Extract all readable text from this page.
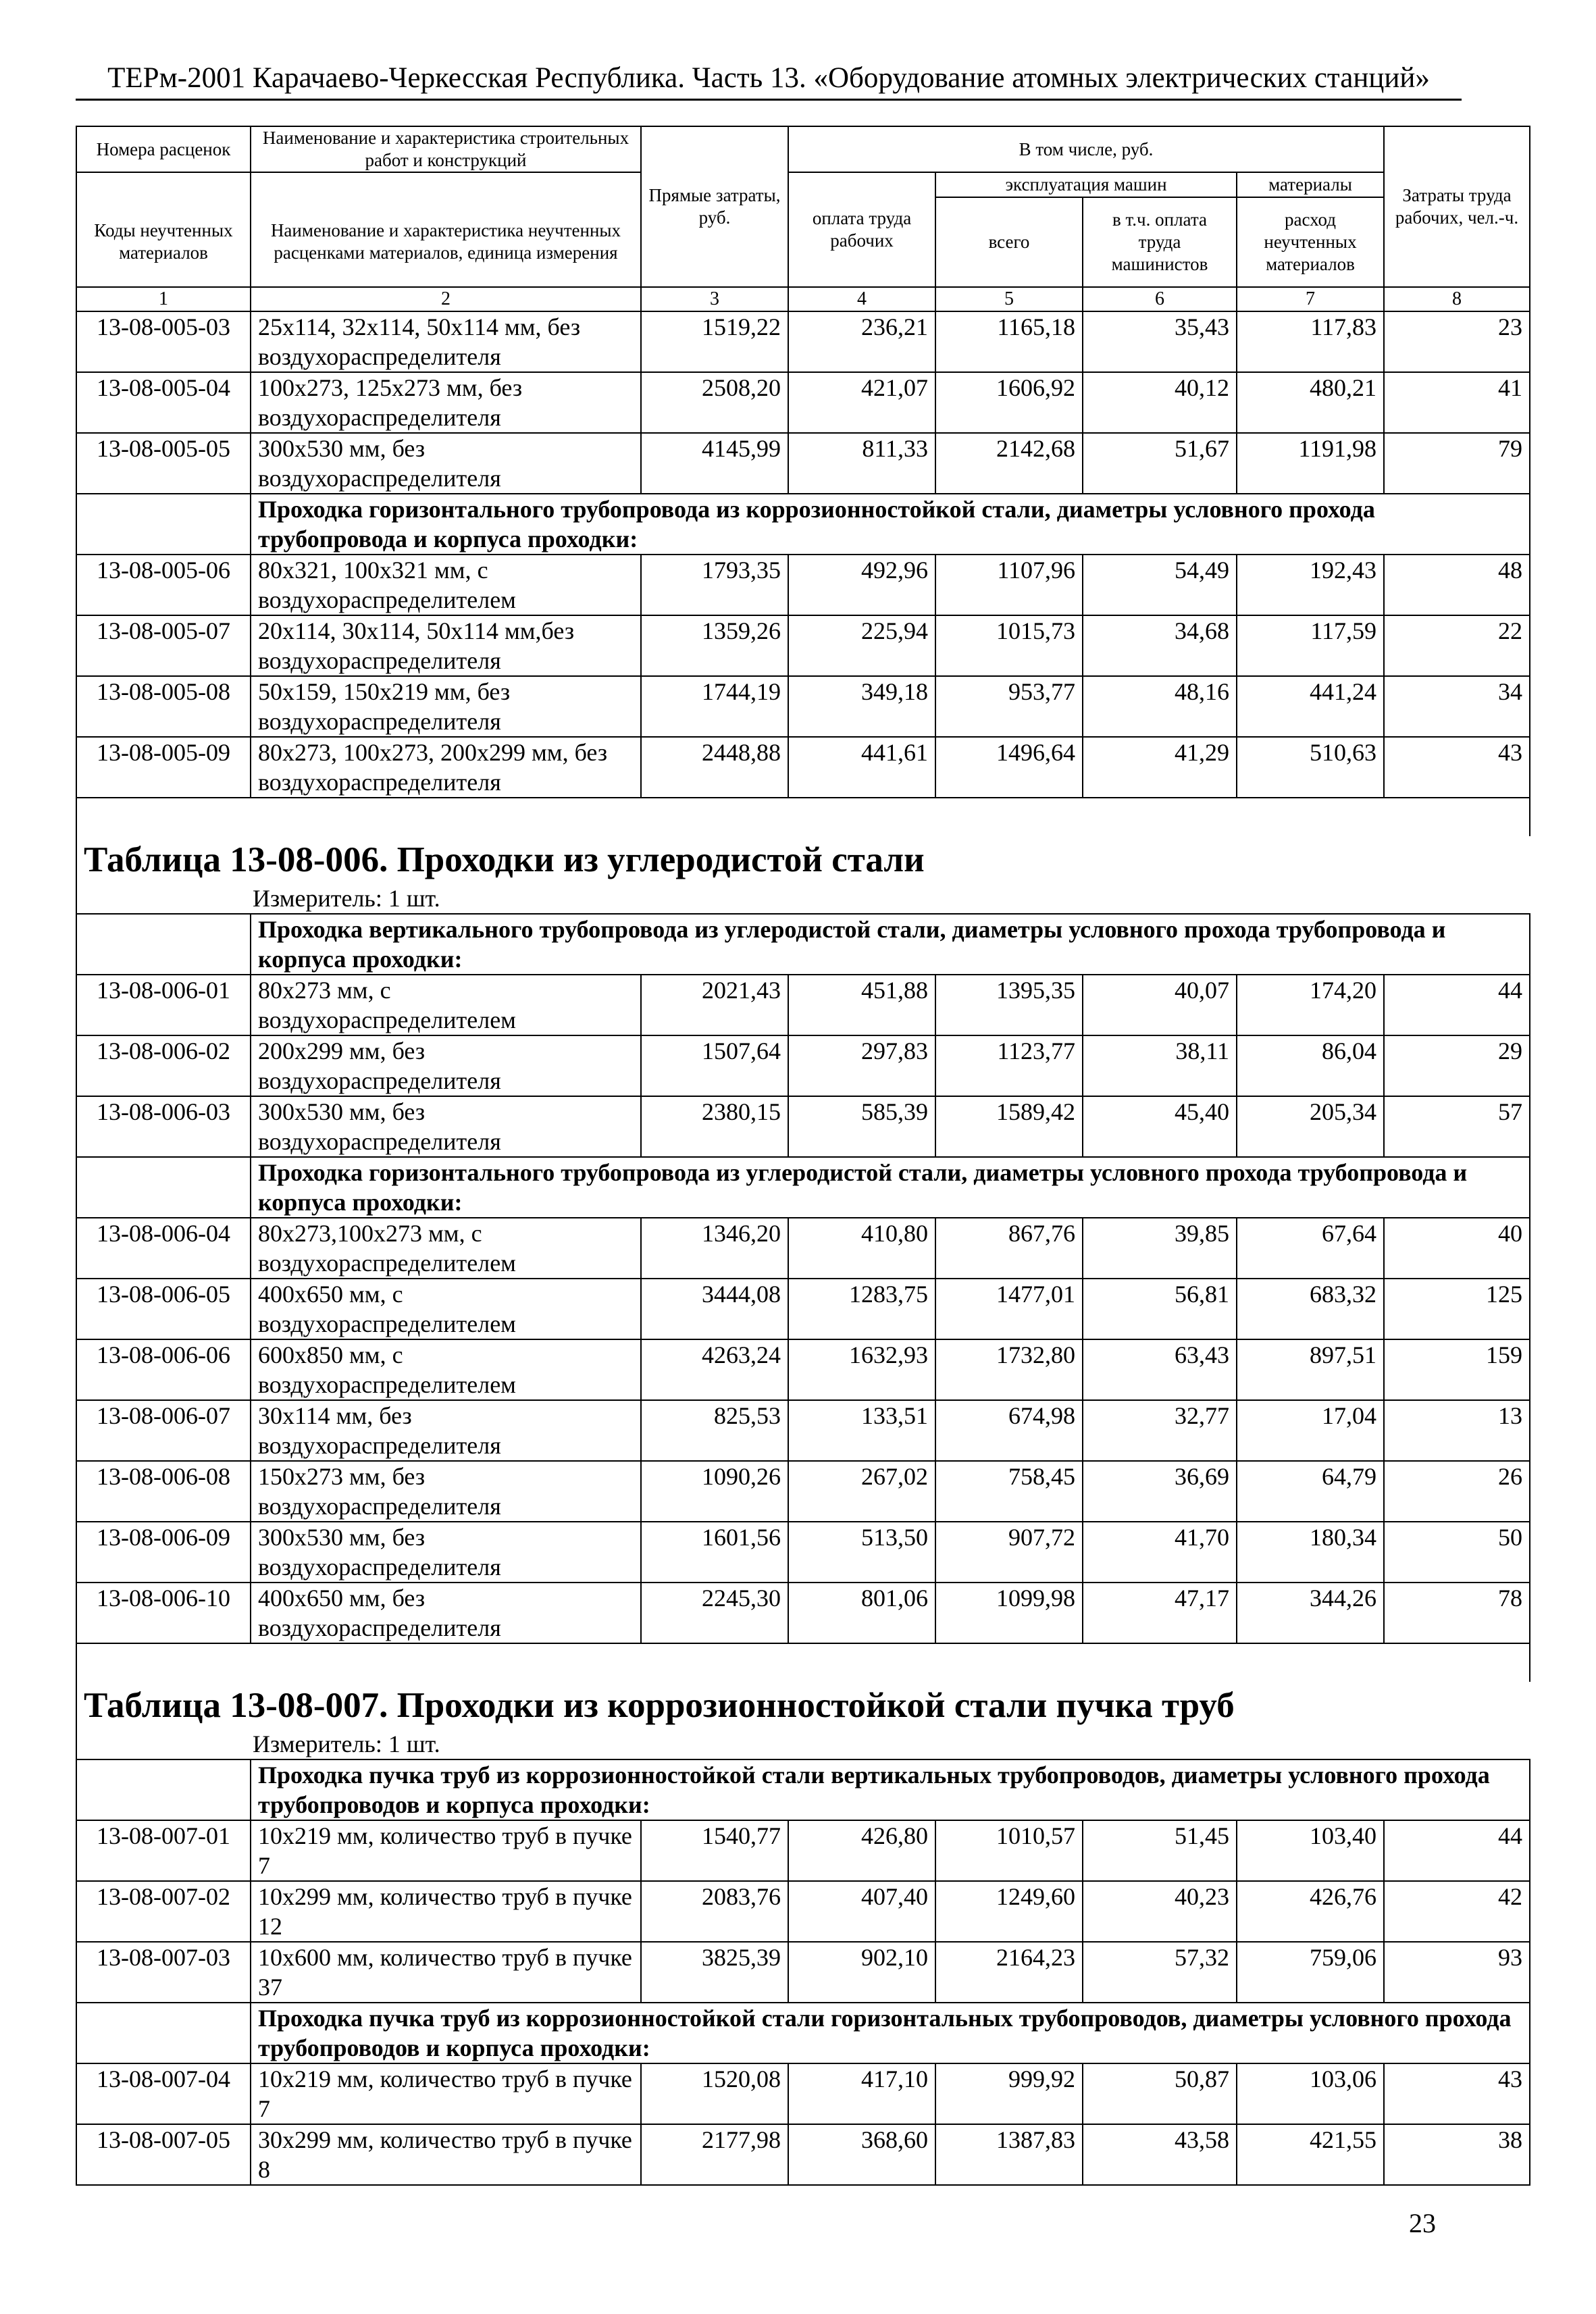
ТЕРм-2001 Карачаево-Черкесская Республика. Часть 13. «Оборудование атомных электрических станций»
Номера расценок	Наименование и характеристика строительных работ и конструкций	Прямые затраты, руб.	В том числе, руб.				Затраты труда рабочих, чел.-ч.
			оплата труда рабочих	эксплуатация машин		материалы	
Коды неучтенных материалов	Наименование и характеристика неучтенных расценками материалов, единица измерения			всего	в т.ч. оплата труда машинистов	расход неучтенных материалов	
1	2	3	4	5	6	7	8
13-08-005-03	25x114, 32x114, 50x114 мм, без воздухораспределителя	1519,22	236,21	1165,18	35,43	117,83	23
13-08-005-04	100x273, 125x273 мм, без воздухораспределителя	2508,20	421,07	1606,92	40,12	480,21	41
13-08-005-05	300x530 мм, без воздухораспределителя	4145,99	811,33	2142,68	51,67	1191,98	79
	Проходка горизонтального трубопровода из коррозионностойкой стали, диаметры условного прохода трубопровода и корпуса проходки:						
13-08-005-06	80x321, 100x321 мм, с воздухораспределителем	1793,35	492,96	1107,96	54,49	192,43	48
13-08-005-07	20x114, 30x114, 50x114 мм,без воздухораспределителя	1359,26	225,94	1015,73	34,68	117,59	22
13-08-005-08	50x159, 150x219 мм, без воздухораспределителя	1744,19	349,18	953,77	48,16	441,24	34
13-08-005-09	80x273, 100x273, 200x299 мм, без воздухораспределителя	2448,88	441,61	1496,64	41,29	510,63	43

Таблица 13-08-006. Проходки из углеродистой стали							
Измеритель: 1 шт.							
	Проходка вертикального трубопровода из углеродистой стали, диаметры условного прохода трубопровода и корпуса проходки:						
13-08-006-01	80x273 мм, с воздухораспределителем	2021,43	451,88	1395,35	40,07	174,20	44
13-08-006-02	200x299 мм, без воздухораспределителя	1507,64	297,83	1123,77	38,11	86,04	29
13-08-006-03	300x530 мм, без воздухораспределителя	2380,15	585,39	1589,42	45,40	205,34	57
	Проходка горизонтального трубопровода из углеродистой стали, диаметры условного прохода трубопровода и корпуса проходки:						
13-08-006-04	80x273,100x273 мм, с воздухораспределителем	1346,20	410,80	867,76	39,85	67,64	40
13-08-006-05	400x650 мм, с воздухораспределителем	3444,08	1283,75	1477,01	56,81	683,32	125
13-08-006-06	600x850 мм, с воздухораспределителем	4263,24	1632,93	1732,80	63,43	897,51	159
13-08-006-07	30x114 мм, без воздухораспределителя	825,53	133,51	674,98	32,77	17,04	13
13-08-006-08	150x273 мм, без воздухораспределителя	1090,26	267,02	758,45	36,69	64,79	26
13-08-006-09	300x530 мм, без воздухораспределителя	1601,56	513,50	907,72	41,70	180,34	50
13-08-006-10	400x650 мм, без воздухораспределителя	2245,30	801,06	1099,98	47,17	344,26	78

Таблица 13-08-007. Проходки из коррозионностойкой стали пучка труб							
Измеритель: 1 шт.							
	Проходка пучка труб из коррозионностойкой стали вертикальных трубопроводов, диаметры условного прохода трубопроводов и корпуса проходки:						
13-08-007-01	10x219 мм, количество труб в пучке 7	1540,77	426,80	1010,57	51,45	103,40	44
13-08-007-02	10x299 мм, количество труб в пучке 12	2083,76	407,40	1249,60	40,23	426,76	42
13-08-007-03	10x600 мм, количество труб в пучке 37	3825,39	902,10	2164,23	57,32	759,06	93
	Проходка пучка труб из коррозионностойкой стали горизонтальных трубопроводов, диаметры условного прохода трубопроводов и корпуса проходки:						
13-08-007-04	10x219 мм, количество труб в пучке 7	1520,08	417,10	999,92	50,87	103,06	43
13-08-007-05	30x299 мм, количество труб в пучке 8	2177,98	368,60	1387,83	43,58	421,55	38
23
